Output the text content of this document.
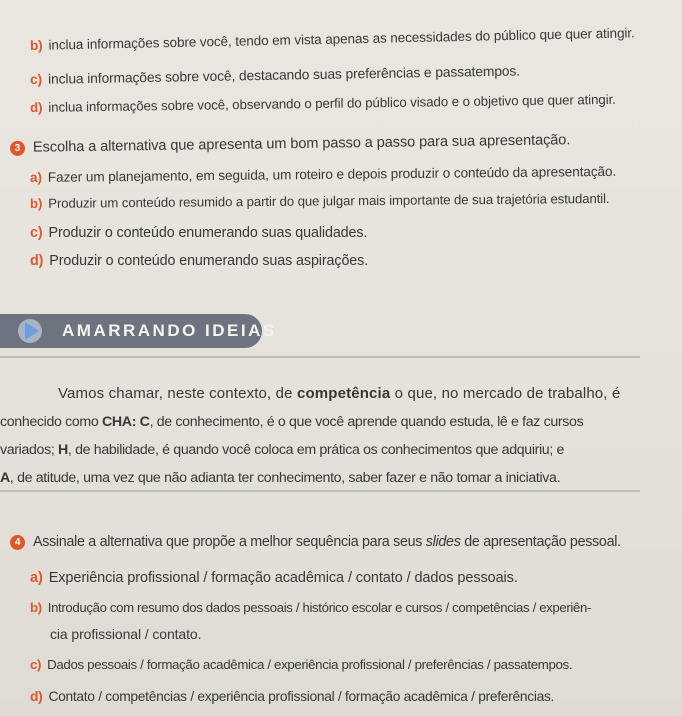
b) inclua informações sobre você, tendo em vista apenas as necessidades do público que quer atingir.
c) inclua informações sobre você, destacando suas preferências e passatempos.
d) inclua informações sobre você, observando o perfil do público visado e o objetivo que quer atingir.
3 Escolha a alternativa que apresenta um bom passo a passo para sua apresentação.
a) Fazer um planejamento, em seguida, um roteiro e depois produzir o conteúdo da apresentação.
b) Produzir um conteúdo resumido a partir do que julgar mais importante de sua trajetória estudantil.
c) Produzir o conteúdo enumerando suas qualidades.
d) Produzir o conteúdo enumerando suas aspirações.
AMARRANDO IDEIAS

Vamos chamar, neste contexto, de competência o que, no mercado de trabalho, é

conhecido como CHA: C, de conhecimento, é o que você aprende quando estuda, lê e faz cursos

variados; H, de habilidade, é quando você coloca em prática os conhecimentos que adquiriu; e

A, de atitude, uma vez que não adianta ter conhecimento, saber fazer e não tomar a iniciativa.

4 Assinale a alternativa que propõe a melhor sequência para seus slides de apresentação pessoal.
a) Experiência profissional / formação acadêmica / contato / dados pessoais.
b) Introdução com resumo dos dados pessoais / histórico escolar e cursos / competências / experiên-
cia profissional / contato.
c) Dados pessoais / formação acadêmica / experiência profissional / preferências / passatempos.
d) Contato / competências / experiência profissional / formação acadêmica / preferências.
